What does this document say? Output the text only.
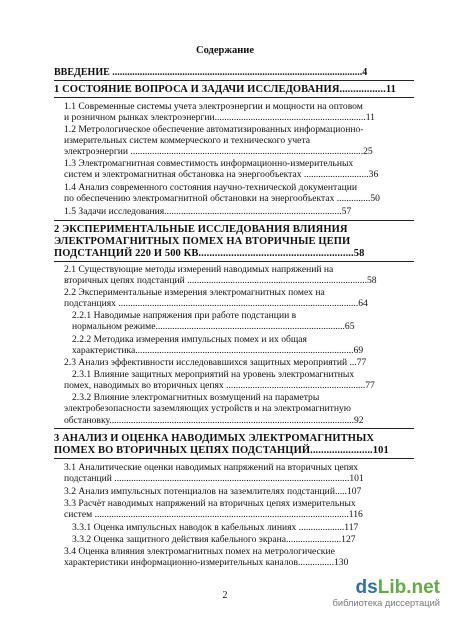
Содержание
ВВЕДЕНИЕ ....................................................................................................4
1 СОСТОЯНИЕ ВОПРОСА И ЗАДАЧИ ИССЛЕДОВАНИЯ.................11
1.1 Современные системы учета электроэнергии и мощности на оптовом
и розничном рынках электроэнергии...............................................................11
1.2 Метрологическое обеспечение автоматизированных информационно-
измерительных систем коммерческого и технического учета
электроэнергии .................................................................................................25
1.3 Электромагнитная совместимость информационно-измерительных
систем и электромагнитная обстановка на энергообъектах ...........................36
1.4 Анализ современного состояния научно-технической документации
по обеспечению электромагнитной обстановки на энергообъектах ..............50
1.5 Задачи исследования..........................................................................57
2 ЭКСПЕРИМЕНТАЛЬНЫЕ ИССЛЕДОВАНИЯ ВЛИЯНИЯ
ЭЛЕКТРОМАГНИТНЫХ ПОМЕХ НА ВТОРИЧНЫЕ ЦЕПИ
ПОДСТАНЦИЙ 220 И 500 КВ.........................................................58
2.1 Существующие методы измерений наводимых напряжений на
вторичных цепях подстанций ...........................................................................58
2.2 Экспериментальные измерения электромагнитных помех на
подстанциях ....................................................................................................64
2.2.1 Наводимые напряжения при работе подстанции в
нормальном режиме...............................................................................65
2.2.2 Методика измерения импульсных помех и их общая
характеристика...........................................................................................69
2.3 Анализ эффективности исследовавшихся защитных мероприятий ...77
2.3.1 Влияние защитных мероприятий на уровень электромагнитных
помех, наводимых во вторичных цепях ..........................................................77
2.3.2 Влияние электромагнитных возмущений на параметры
электробезопасности заземляющих устройств и на электромагнитную
обстановку......................................................................................................92
3 АНАЛИЗ И ОЦЕНКА НАВОДИМЫХ ЭЛЕКТРОМАГНИТНЫХ
ПОМЕХ ВО ВТОРИЧНЫХ ЦЕПЯХ ПОДСТАНЦИЙ.......................101
3.1 Аналитические оценки наводимых напряжений на вторичных цепях
подстанций ..................................................................................................101
3.2 Анализ импульсных потенциалов на заземлителях подстанций.....107
3.3 Расчёт наводимых напряжений на вторичных цепях измерительных
систем ..........................................................................................................116
3.3.1 Оценка импульсных наводок в кабельных линиях ...................117
3.3.2 Оценка защитного действия кабельного экрана.......................127
3.4 Оценка влияния электромагнитных помех на метрологические
характеристики информационно-измерительных каналов...............130
2	dsLib.net
библиотека диссертаций
